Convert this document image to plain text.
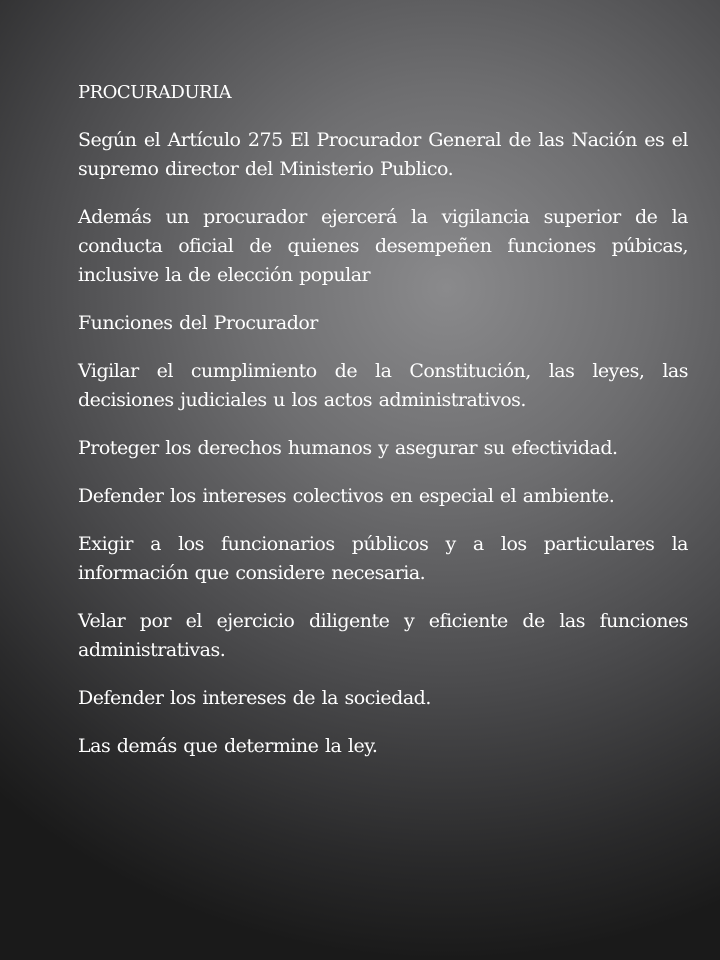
PROCURADURIA

Según el Artículo 275 El Procurador General de las Nación es el supremo director del Ministerio Publico.

Además un procurador ejercerá la vigilancia superior de la conducta oficial de quienes desempeñen funciones púbicas, inclusive la de elección popular

Funciones del Procurador

Vigilar el cumplimiento de la Constitución, las leyes, las decisiones judiciales u los actos administrativos.

Proteger los derechos humanos y asegurar su efectividad.

Defender los intereses colectivos en especial el ambiente.

Exigir a los funcionarios públicos y a los particulares la información que considere necesaria.

Velar por el ejercicio diligente y eficiente de las funciones administrativas.

Defender los intereses de la sociedad.

Las demás que determine la ley.
